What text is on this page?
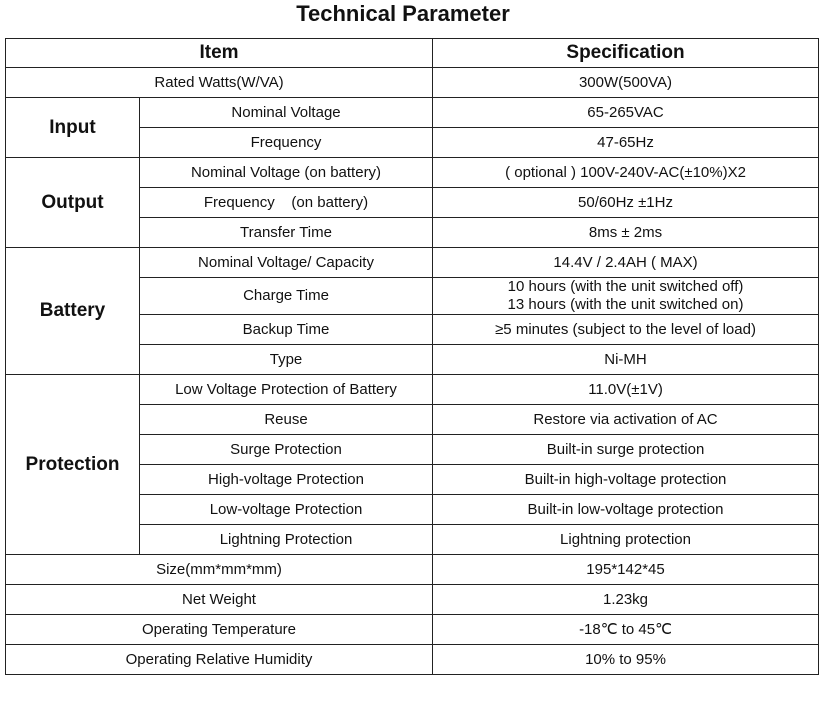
Technical Parameter
Item		Specification
Rated Watts(W/VA)		300W(500VA)
Input	Nominal Voltage	65-265VAC
	Frequency	47-65Hz
Output	Nominal Voltage (on battery)	( optional ) 100V-240V-AC(±10%)X2
	Frequency    (on battery)	50/60Hz ±1Hz
	Transfer Time	8ms ± 2ms
Battery	Nominal Voltage/ Capacity	14.4V / 2.4AH ( MAX)
	Charge Time	10 hours (with the unit switched off)
13 hours (with the unit switched on)

	Backup Time	≥5 minutes (subject to the level of load)
	Type	Ni-MH
Protection	Low Voltage Protection of Battery	11.0V(±1V)
	Reuse	Restore via activation of AC
	Surge Protection	Built-in surge protection
	High-voltage Protection	Built-in high-voltage protection
	Low-voltage Protection	Built-in low-voltage protection
	Lightning Protection	Lightning protection
Size(mm*mm*mm)		195*142*45
Net Weight		1.23kg
Operating Temperature		-18℃ to 45℃
Operating Relative Humidity		10% to 95%
